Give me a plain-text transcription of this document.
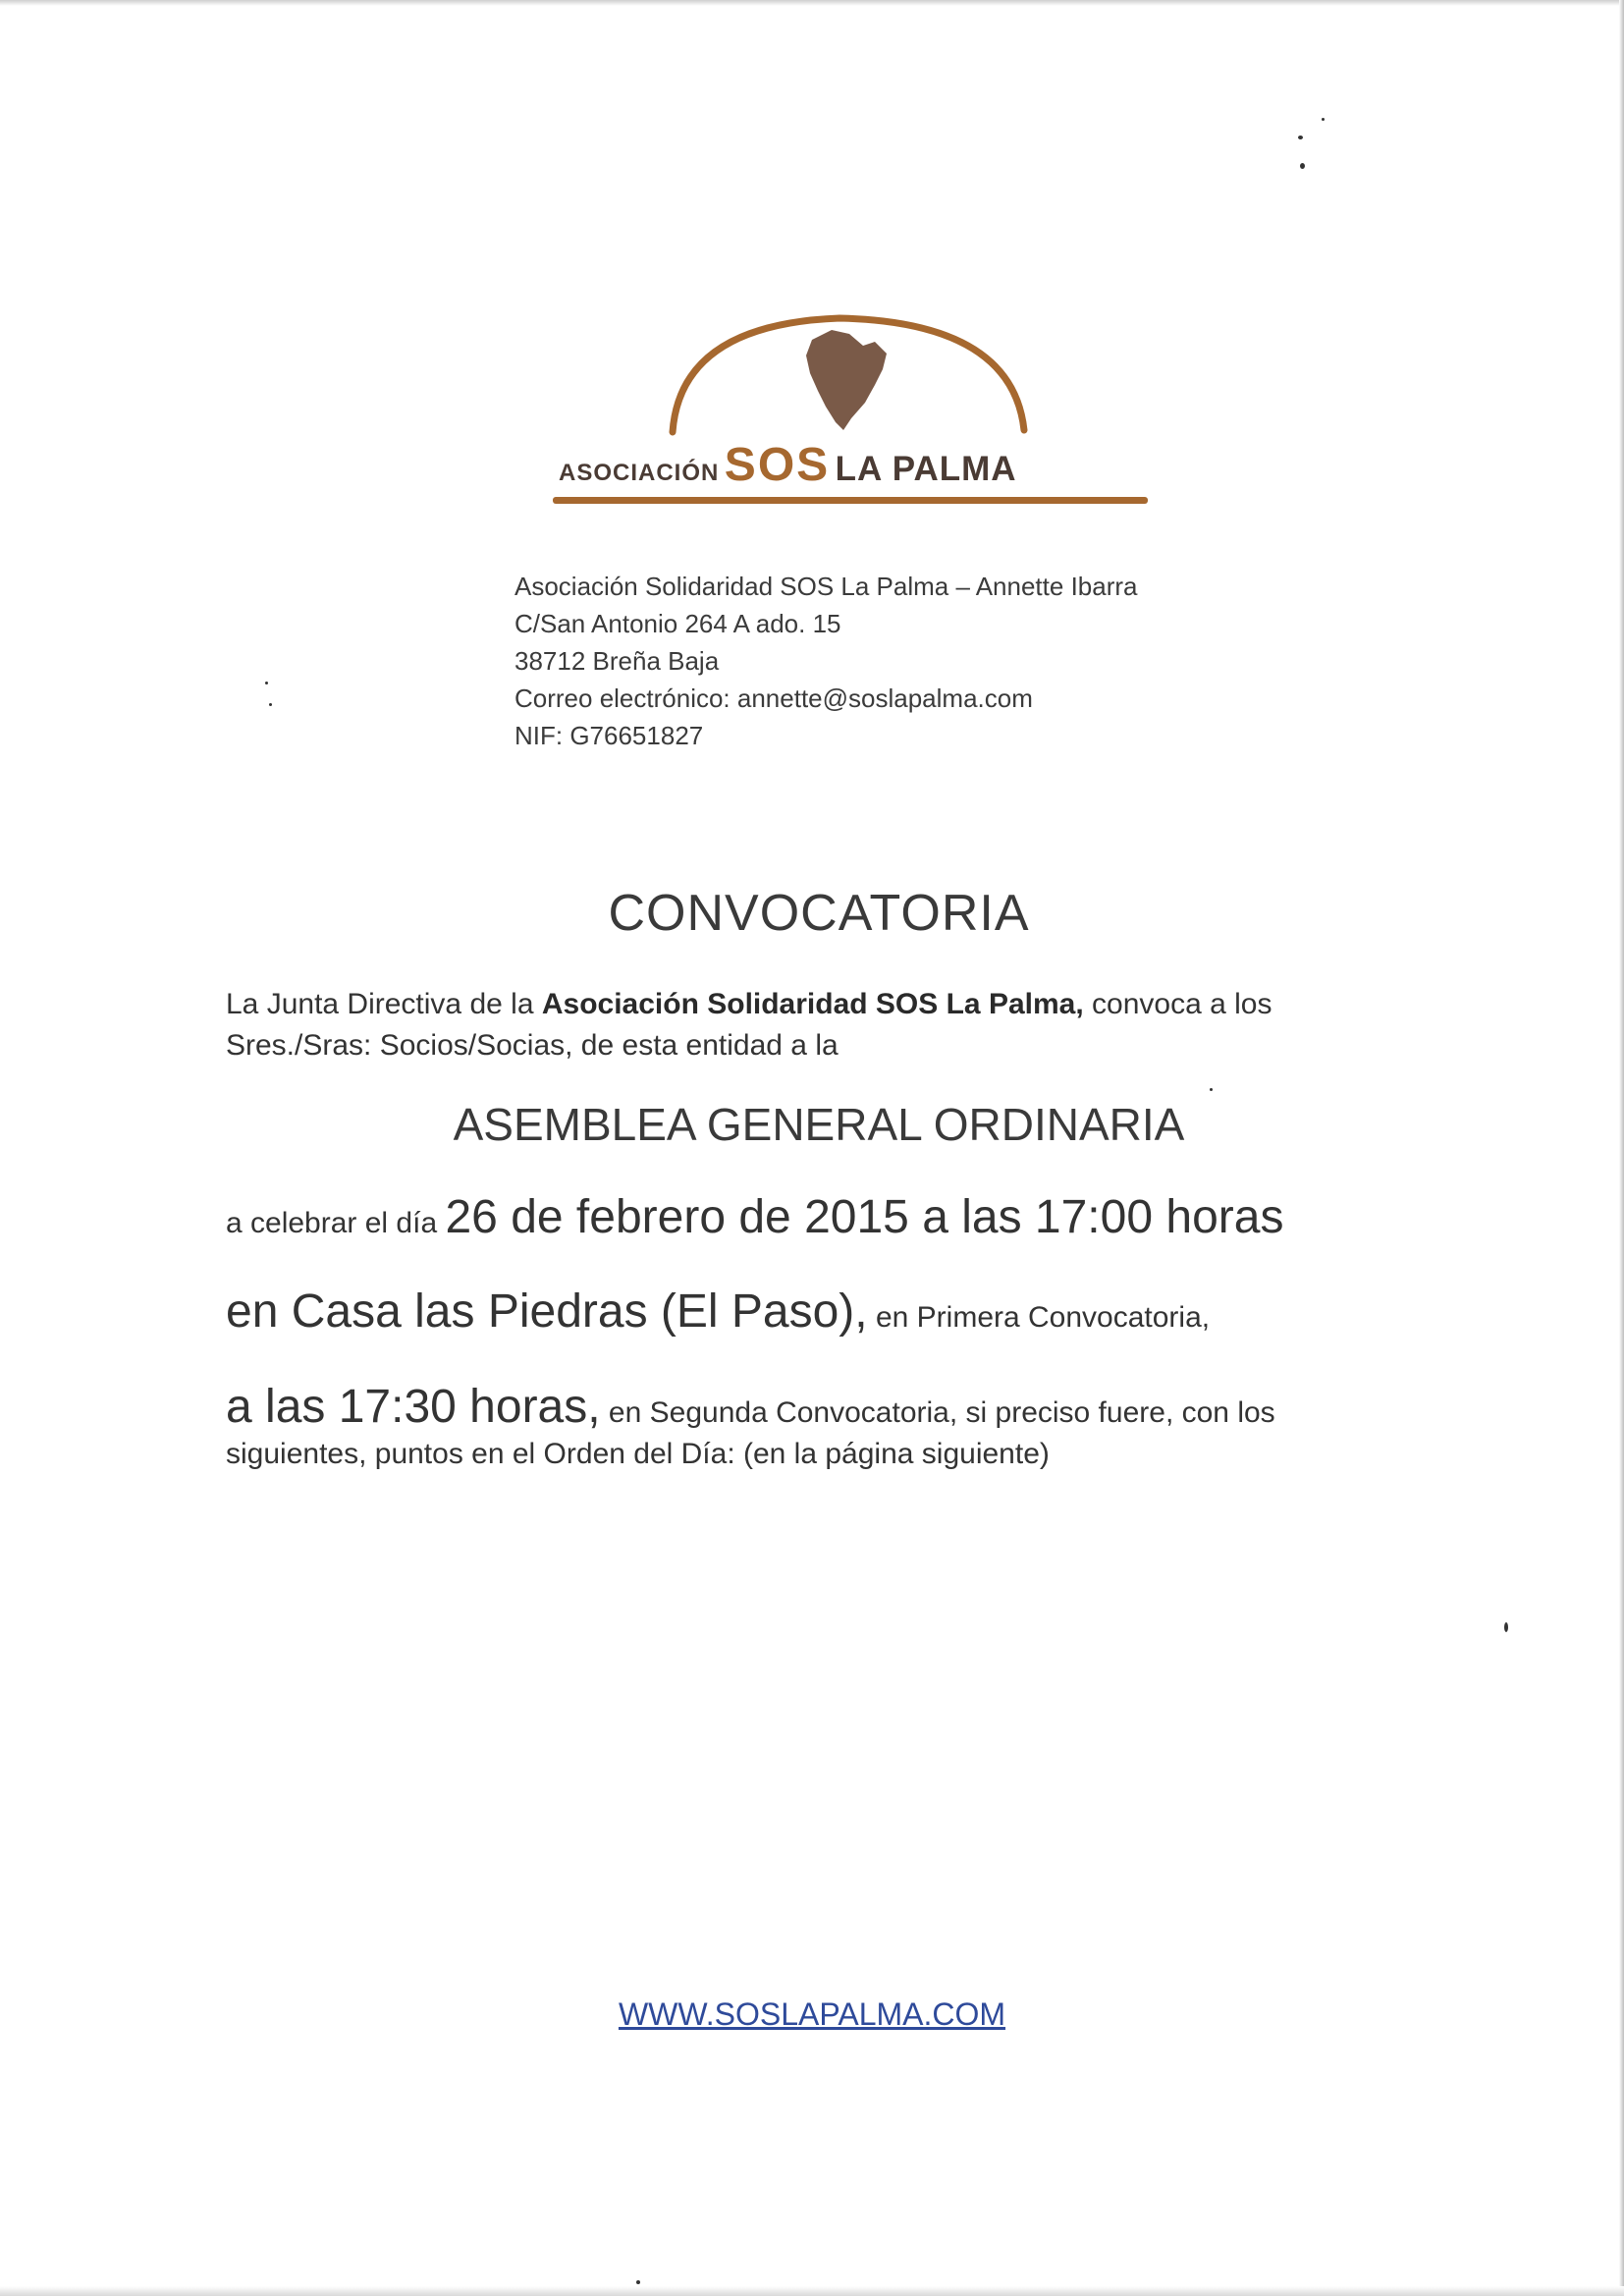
ASOCIACIÓN SOS LA PALMA
Asociación Solidaridad SOS La Palma – Annette Ibarra
C/San Antonio 264 A ado. 15
38712 Breña Baja
Correo electrónico: annette@soslapalma.com
NIF: G76651827
CONVOCATORIA
La Junta Directiva de la Asociación Solidaridad SOS La Palma, convoca a los Sres./Sras: Socios/Socias, de esta entidad a la
ASEMBLEA GENERAL ORDINARIA
a celebrar el día 26 de febrero de 2015 a las 17:00 horas
en Casa las Piedras (El Paso), en Primera Convocatoria,
a las 17:30 horas, en Segunda Convocatoria, si preciso fuere, con los
siguientes, puntos en el Orden del Día: (en la página siguiente)
WWW.SOSLAPALMA.COM
